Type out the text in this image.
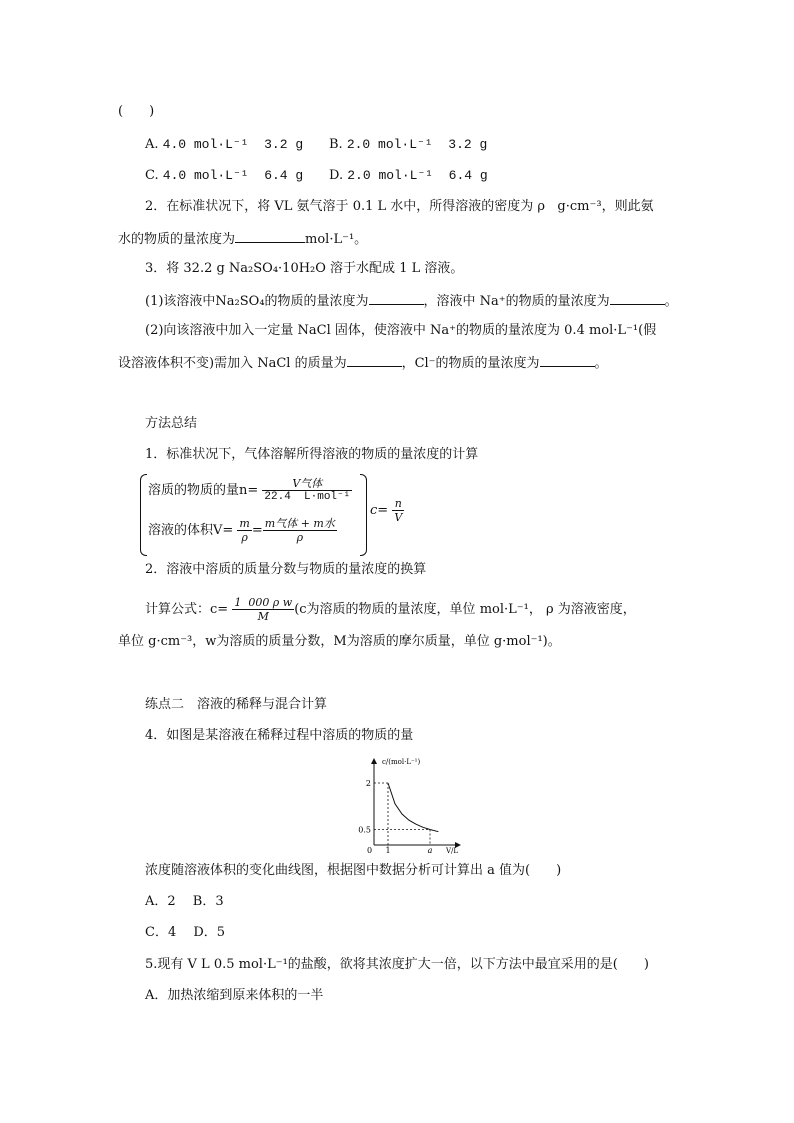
(　　)
A. 4.0 mol·L⁻¹  3.2 g B. 2.0 mol·L⁻¹  3.2 g
C. 4.0 mol·L⁻¹  6.4 g D. 2.0 mol·L⁻¹  6.4 g
2．在标准状况下，将 VL 氨气溶于 0.1 L 水中，所得溶液的密度为 ρ   g·cm⁻³，则此氨
水的物质的量浓度为	mol·L⁻¹。
3．将 32.2 g Na₂SO₄·10H₂O 溶于水配成 1 L 溶液。
(1)该溶液中Na₂SO₄的物质的量浓度为	，溶液中 Na⁺的物质的量浓度为	。
(2)向该溶液中加入一定量 NaCl 固体，使溶液中 Na⁺的物质的量浓度为 0.4 mol·L⁻¹(假
设溶液体积不变)需加入 NaCl 的质量为	，Cl⁻的物质的量浓度为	。
方法总结
1．标准状况下，气体溶解所得溶液的物质的量浓度的计算
溶质的物质的量$n= \frac{\text{V气体}}{\text{22.4  L·mol⁻¹}}$
溶液的体积$V= \frac{m}{\rho} = \frac{\text{m气体 + m水}}{\rho}$
$c= \frac{n}{V}$
2．溶液中溶质的质量分数与物质的量浓度的换算
计算公式：$c= \frac{\text{1  000 ρ w}}{M} (c$为溶质的物质的量浓度，单位 mol·L⁻¹， ρ 为溶液密度，
单位 g·cm⁻³，w为溶质的质量分数，M为溶质的摩尔质量，单位 g·mol⁻¹)。
练点二　溶液的稀释与混合计算
4．如图是某溶液在稀释过程中溶质的物质的量
c/(mol·L⁻¹)
V/L
0
2
0.5
1	a
浓度随溶液体积的变化曲线图，根据图中数据分析可计算出 a 值为(　　)
A．2　 B．3
C．4　 D．5
5.现有 V L 0.5 mol·L⁻¹的盐酸，欲将其浓度扩大一倍，以下方法中最宜采用的是(　　)
A．加热浓缩到原来体积的一半
